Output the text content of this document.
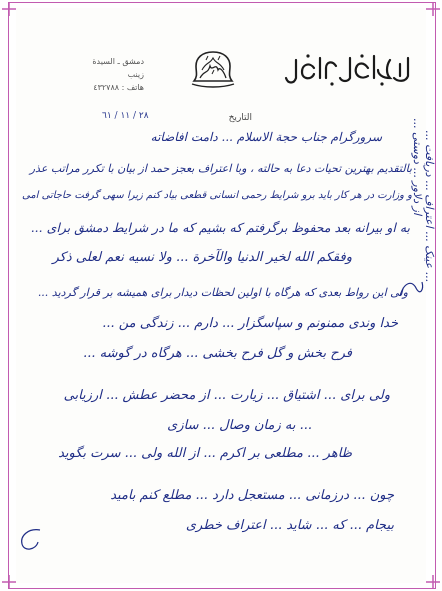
دمشق ـ السيدة زينب
هاتف : ٤٣٢٧٨٨	السيد أحمد الواحدي
التاريخ
٢٨ / ١١ / ٦١
سرورگرام جناب حجة الاسلام ... دامت افاضاته
بالتقدیم بهترین تحیات دعا به حالته ، وبا اعتراف بعجز حمد از بیان با تکرر مراتب عذر
و وزارت در هر کار باید برو شرایط رحمی انسانی قطعی بیاد کنم زیرا سهی گرفت حاجاتی امی
به او بیرانه بعد محفوظ برگرفتم که بشیم که ما در شرایط دمشق برای ...
وفقکم الله لخیر الدنیا والآخرة ... ولا نسیه نعم لعلی ذکر
ولی این رواط بعدی که هرگاه با اولین لحظات دیدار برای همیشه بر قرار گردید ...
خدا وندی ممنونم و سپاسگزار ... دارم ... زندگی من ...
فرح بخش و گل فرح بخشی ... هرگاه در گوشه ...
ولی برای ... اشتیاق ... زیارت ... از محضر عطش ... ارزیابی
... به زمان وصال ... سازی
ظاهر ... مطلعی بر اکرم ... از الله ولی ... سرت بگوید
چون ... درزمانی ... مستعجل دارد ... مطلع کنم بامید
بیجام ... که ... شاید ... اعتراف خطری
از دلاور ... دوستی ... ... عینک ... اعتراف ... دریافت ...
